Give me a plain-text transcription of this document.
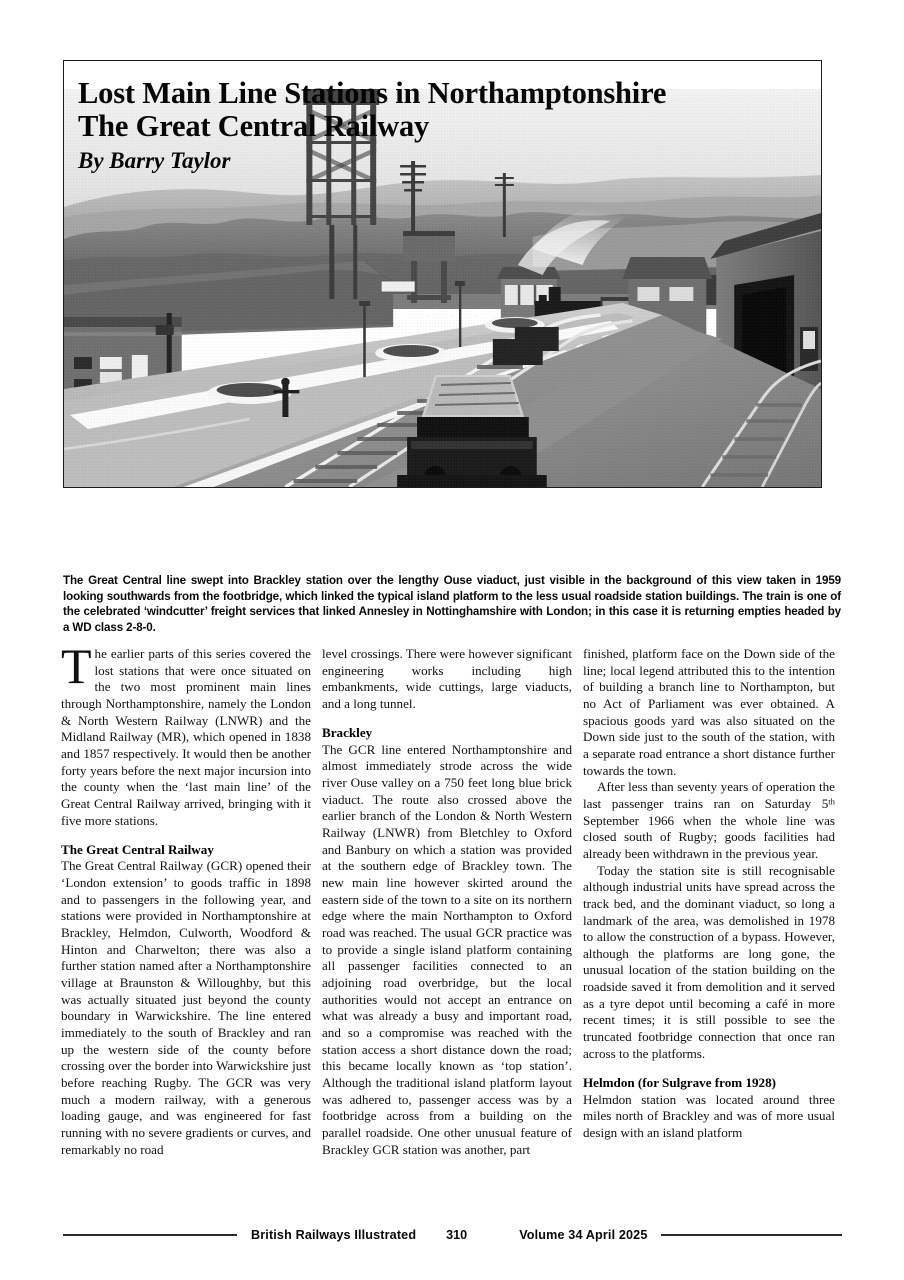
Lost Main Line Stations in Northamptonshire
The Great Central Railway
By Barry Taylor
The Great Central line swept into Brackley station over the lengthy Ouse viaduct, just visible in the background of this view taken in 1959 looking southwards from the footbridge, which linked the typical island platform to the less usual roadside station buildings. The train is one of the celebrated ‘windcutter’ freight services that linked Annesley in Nottinghamshire with London; in this case it is returning empties headed by a WD class 2-8-0.

The earlier parts of this series covered the lost stations that were once situated on the two most prominent main lines through Northamptonshire, namely the London & North Western Railway (LNWR) and the Midland Railway (MR), which opened in 1838 and 1857 respectively. It would then be another forty years before the next major incursion into the county when the ‘last main line’ of the Great Central Railway arrived, bringing with it five more stations.

The Great Central Railway

The Great Central Railway (GCR) opened their ‘London extension’ to goods traffic in 1898 and to passengers in the following year, and stations were provided in Northamptonshire at Brackley, Helmdon, Culworth, Woodford & Hinton and Charwelton; there was also a further station named after a Northamptonshire village at Braunston & Willoughby, but this was actually situated just beyond the county boundary in Warwickshire. The line entered immediately to the south of Brackley and ran up the western side of the county before crossing over the border into Warwickshire just before reaching Rugby. The GCR was very much a modern railway, with a generous loading gauge, and was engineered for fast running with no severe gradients or curves, and remarkably no road

level crossings. There were however significant engineering works including high embankments, wide cuttings, large viaducts, and a long tunnel.

Brackley

The GCR line entered Northamptonshire and almost immediately strode across the wide river Ouse valley on a 750 feet long blue brick viaduct. The route also crossed above the earlier branch of the London & North Western Railway (LNWR) from Bletchley to Oxford and Banbury on which a station was provided at the southern edge of Brackley town. The new main line however skirted around the eastern side of the town to a site on its northern edge where the main Northampton to Oxford road was reached. The usual GCR practice was to provide a single island platform containing all passenger facilities connected to an adjoining road overbridge, but the local authorities would not accept an entrance on what was already a busy and important road, and so a compromise was reached with the station access a short distance down the road; this became locally known as ‘top station’. Although the traditional island platform layout was adhered to, passenger access was by a footbridge across from a building on the parallel roadside. One other unusual feature of Brackley GCR station was another, part

finished, platform face on the Down side of the line; local legend attributed this to the intention of building a branch line to Northampton, but no Act of Parliament was ever obtained. A spacious goods yard was also situated on the Down side just to the south of the station, with a separate road entrance a short distance further towards the town.

After less than seventy years of operation the last passenger trains ran on Saturday 5th September 1966 when the whole line was closed south of Rugby; goods facilities had already been withdrawn in the previous year.

Today the station site is still recognisable although industrial units have spread across the track bed, and the dominant viaduct, so long a landmark of the area, was demolished in 1978 to allow the construction of a bypass. However, although the platforms are long gone, the unusual location of the station building on the roadside saved it from demolition and it served as a tyre depot until becoming a café in more recent times; it is still possible to see the truncated footbridge connection that once ran across to the platforms.

Helmdon (for Sulgrave from 1928)

Helmdon station was located around three miles north of Brackley and was of more usual design with an island platform

British Railways Illustrated 310	Volume 34 April 2025
